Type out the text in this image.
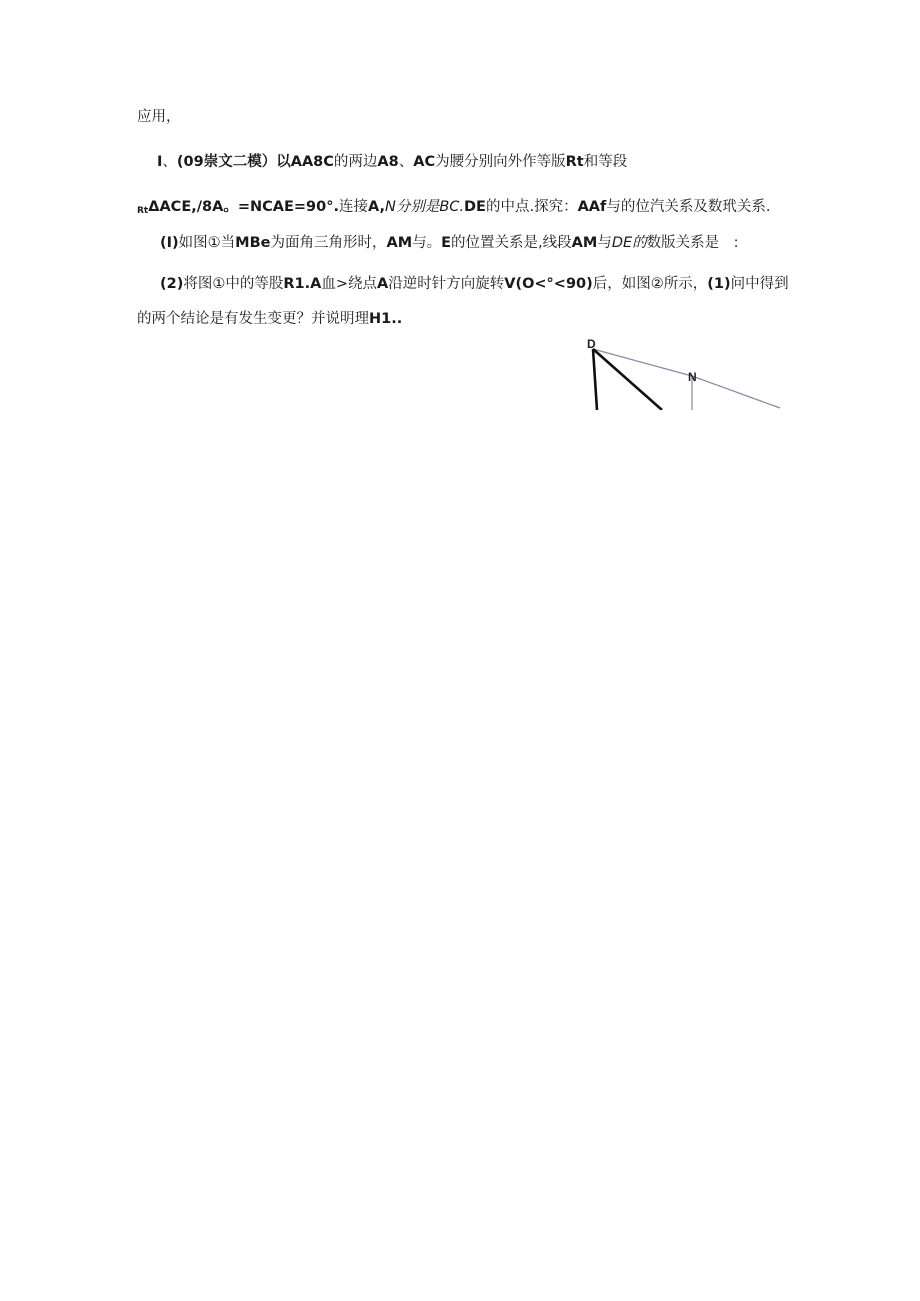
应用，
I、(09崇文二模）以AA8C的两边A8、AC为腰分别向外作等版Rt和等段
RtΔACE,/8A。=NCAE=90°.连接A,N分别是BC.DE的中点.探究：AAf与的位汽关系及数玳关系.
(I)如图①当MBe为面角三角形时，AM与。E的位置关系是,线段AM与DE的数版关系是　:
(2)将图①中的等股R1.A血>绕点A沿逆时针方向旋转V(O<°<90)后，如图②所示，(1)问中得到
的两个结论是有发生变更？并说明理H1..
D
N
